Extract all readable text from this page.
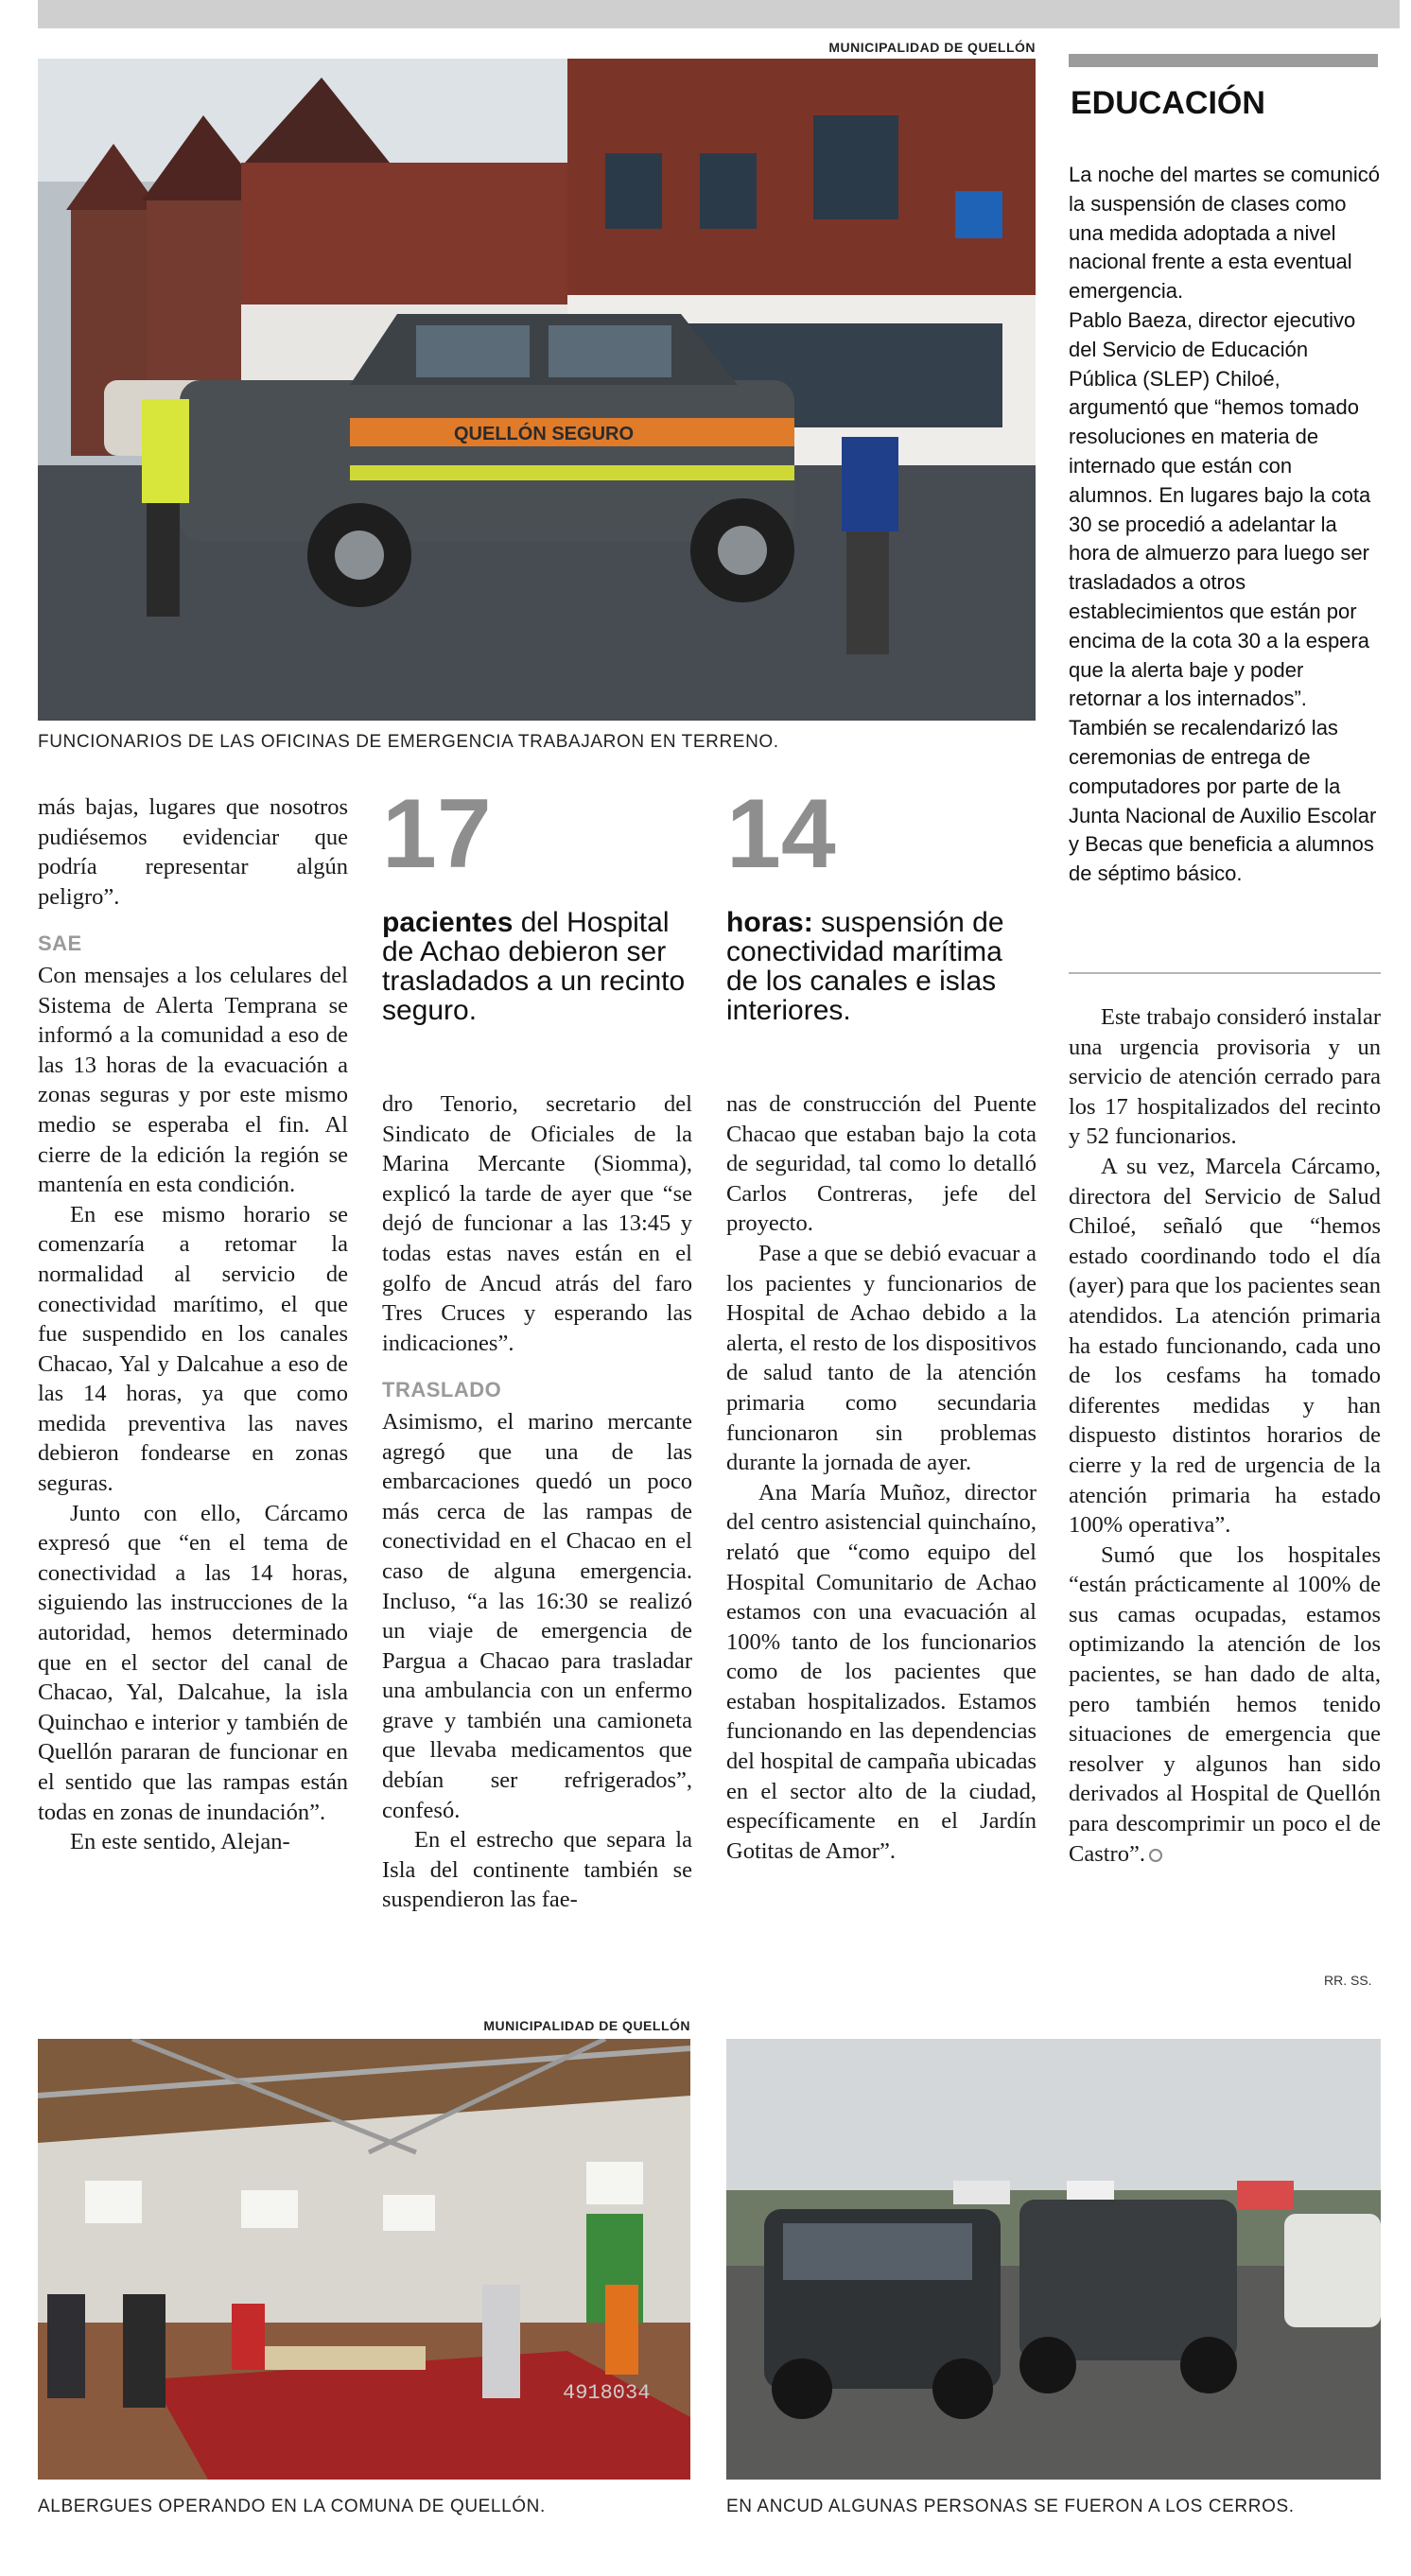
MUNICIPALIDAD DE QUELLÓN
QUELLÓN SEGURO
FUNCIONARIOS DE LAS OFICINAS DE EMERGENCIA TRABAJARON EN TERRENO.
EDUCACIÓN

La noche del martes se comunicó la suspensión de clases como una medida adoptada a nivel nacional frente a esta eventual emergencia.

Pablo Baeza, director ejecutivo del Servicio de Educación Pública (SLEP) Chiloé, argumentó que “hemos tomado resoluciones en materia de internado que están con alumnos. En lugares bajo la cota 30 se procedió a adelantar la hora de almuerzo para luego ser trasladados a otros establecimientos que están por encima de la cota 30 a la espera que la alerta baje y poder retornar a los internados”.

También se recalendarizó las ceremonias de entrega de computadores por parte de la Junta Nacional de Auxilio Escolar y Becas que beneficia a alumnos de séptimo básico.

17
pacientes del Hospital de Achao debieron ser trasladados a un recinto seguro.
14
horas: suspensión de conectividad marítima de los canales e islas interiores.

más bajas, lugares que nosotros pudiésemos evidenciar que podría representar algún peligro”.

SAE

Con mensajes a los celulares del Sistema de Alerta Temprana se informó a la comunidad a eso de las 13 horas de la evacuación a zonas seguras y por este mismo medio se esperaba el fin. Al cierre de la edición la región se mantenía en esta condición.

En ese mismo horario se comenzaría a retomar la normalidad al servicio de conectividad marítimo, el que fue suspendido en los canales Chacao, Yal y Dalcahue a eso de las 14 horas, ya que como medida preventiva las naves debieron fondearse en zonas seguras.

Junto con ello, Cárcamo expresó que “en el tema de conectividad a las 14 horas, siguiendo las instrucciones de la autoridad, hemos determinado que en el sector del canal de Chacao, Yal, Dalcahue, la isla Quinchao e interior y también de Quellón pararan de funcionar en el sentido que las rampas están todas en zonas de inundación”.

En este sentido, Alejan-

dro Tenorio, secretario del Sindicato de Oficiales de la Marina Mercante (Siomma), explicó la tarde de ayer que “se dejó de funcionar a las 13:45 y todas estas naves están en el golfo de Ancud atrás del faro Tres Cruces y esperando las indicaciones”.

TRASLADO

Asimismo, el marino mercante agregó que una de las embarcaciones quedó un poco más cerca de las rampas de conectividad en el Chacao en el caso de alguna emergencia. Incluso, “a las 16:30 se realizó un viaje de emergencia de Pargua a Chacao para trasladar una ambulancia con un enfermo grave y también una camioneta que llevaba medicamentos que debían ser refrigerados”, confesó.

En el estrecho que separa la Isla del continente también se suspendieron las fae-

nas de construcción del Puente Chacao que estaban bajo la cota de seguridad, tal como lo detalló Carlos Contreras, jefe del proyecto.

Pase a que se debió evacuar a los pacientes y funcionarios de Hospital de Achao debido a la alerta, el resto de los dispositivos de salud tanto de la atención primaria como secundaria funcionaron sin problemas durante la jornada de ayer.

Ana María Muñoz, director del centro asistencial quinchaíno, relató que “como equipo del Hospital Comunitario de Achao estamos con una evacuación al 100% tanto de los funcionarios como de los pacientes que estaban hospitalizados. Estamos funcionando en las dependencias del hospital de campaña ubicadas en el sector alto de la ciudad, específicamente en el Jardín Gotitas de Amor”.

Este trabajo consideró instalar una urgencia provisoria y un servicio de atención cerrado para los 17 hospitalizados del recinto y 52 funcionarios.

A su vez, Marcela Cárcamo, directora del Servicio de Salud Chiloé, señaló que “hemos estado coordinando todo el día (ayer) para que los pacientes sean atendidos. La atención primaria ha estado funcionando, cada uno de los cesfams ha tomado diferentes medidas y han dispuesto distintos horarios de cierre y la red de urgencia de la atención primaria ha estado 100% operativa”.

Sumó que los hospitales “están prácticamente al 100% de sus camas ocupadas, estamos optimizando la atención de los pacientes, se han dado de alta, pero también hemos tenido situaciones de emergencia que resolver y algunos han sido derivados al Hospital de Quellón para descomprimir un poco el de Castro”.

RR. SS.
MUNICIPALIDAD DE QUELLÓN
4918034
ALBERGUES OPERANDO EN LA COMUNA DE QUELLÓN.	EN ANCUD ALGUNAS PERSONAS SE FUERON A LOS CERROS.
